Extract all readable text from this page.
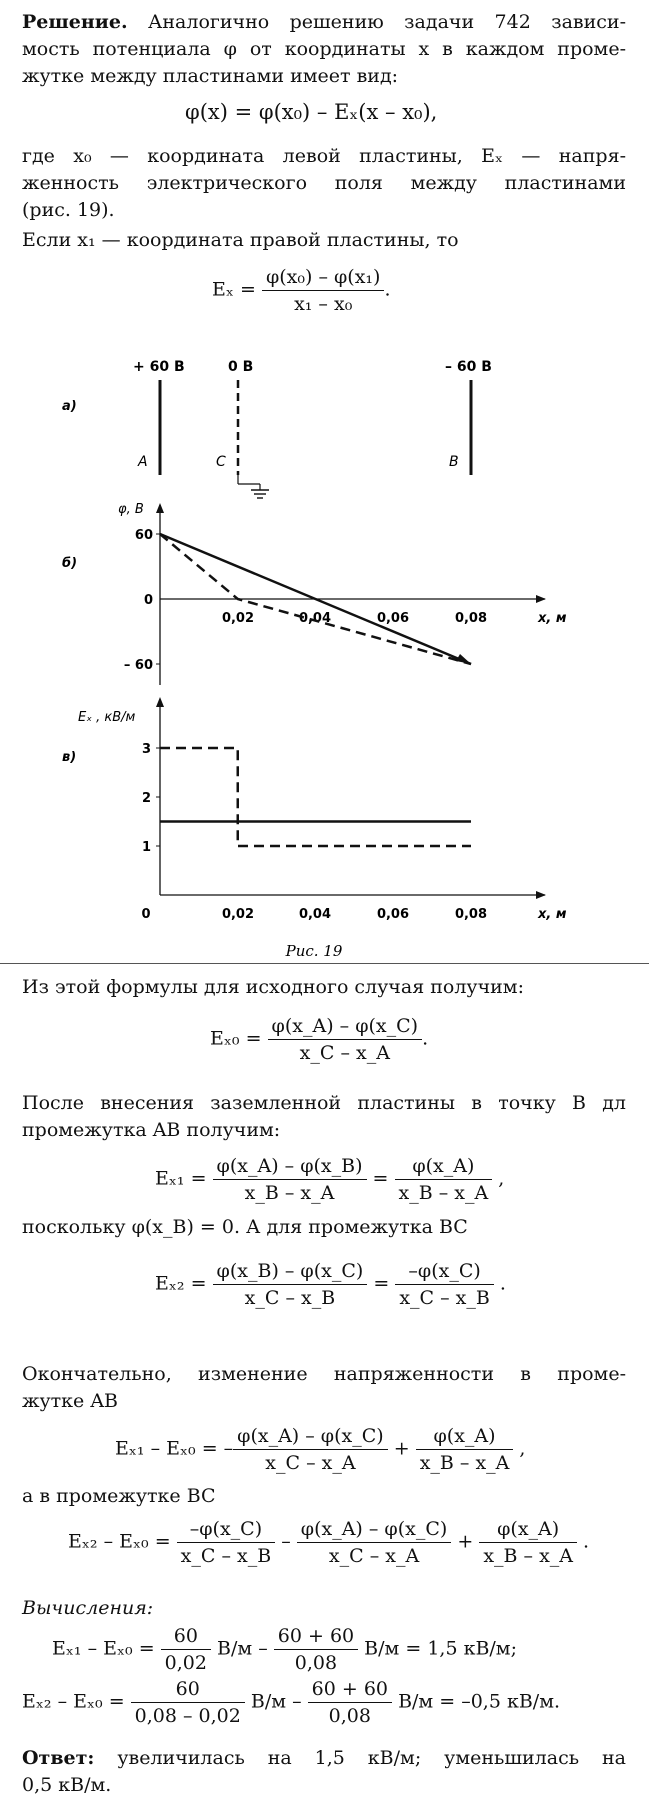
Решение. Аналогично решению задачи 742 зависи-
мость потенциала φ от координаты x в каждом проме-
жутке между пластинами имеет вид:
φ(x) = φ(x₀) – Eₓ(x – x₀),
где x₀ — координата левой пластины, Eₓ — напря-
женность электрического поля между пластинами
(рис. 19).
Если x₁ — координата правой пластины, то
$E_x = \frac{\text{φ(x₀) – φ(x₁)}}{\text{x₁ – x₀}}$ .
а)
+ 60 В	0 В	– 60 В
A	C	B
б)
φ, В
x, м
60
0
– 60
0,02	0,04	0,06	0,08
в)
Eₓ , кВ/м
x, м
3
2
1
0	0,02	0,04	0,06	0,08
Рис. 19
Из этой формулы для исходного случая получим:
$E_{x0} = \frac{\varphi(x\_A) - \varphi(x\_C)}{x\_C - x\_A}$ .
После внесения заземленной пластины в точку B дл
промежутка AB получим:
$E_{x1} = \frac{\varphi(x\_A) - \varphi(x\_B)}{x\_B - x\_A} = \frac{\varphi(x\_A)}{x\_B - x\_A}$ ,
поскольку φ(x_B) = 0. А для промежутка BC
$E_{x2} = \frac{\varphi(x\_B) - \varphi(x\_C)}{x\_C - x\_B} = \frac{-\varphi(x\_C)}{x\_C - x\_B}$ .
Окончательно, изменение напряженности в проме-
жутке AB
Eₓ₁ – Eₓ₀ = – $\frac{\varphi(x\_A) - \varphi(x\_C)}{x\_C - x\_A} + \frac{\varphi(x\_A)}{x\_B - x\_A}$ ,
а в промежутке BC
$E_{x2} - E_{x0} = \frac{-\varphi(x\_C)}{x\_C - x\_B} - \frac{\varphi(x\_A) - \varphi(x\_C)}{x\_C - x\_A} + \frac{\varphi(x\_A)}{x\_B - x\_A}$ .
Вычисления:
$E_{x1} - E_{x0} = \frac{60}{0,02} В/м - \frac{60 + 60}{0,08} В/м = 1,5$ кВ/м;
$E_{x2} - E_{x0} = \frac{60}{0,08 - 0,02} В/м - \frac{60 + 60}{0,08} В/м = -0,5$ кВ/м.
Ответ: увеличилась на 1,5 кВ/м; уменьшилась на
0,5 кВ/м.
